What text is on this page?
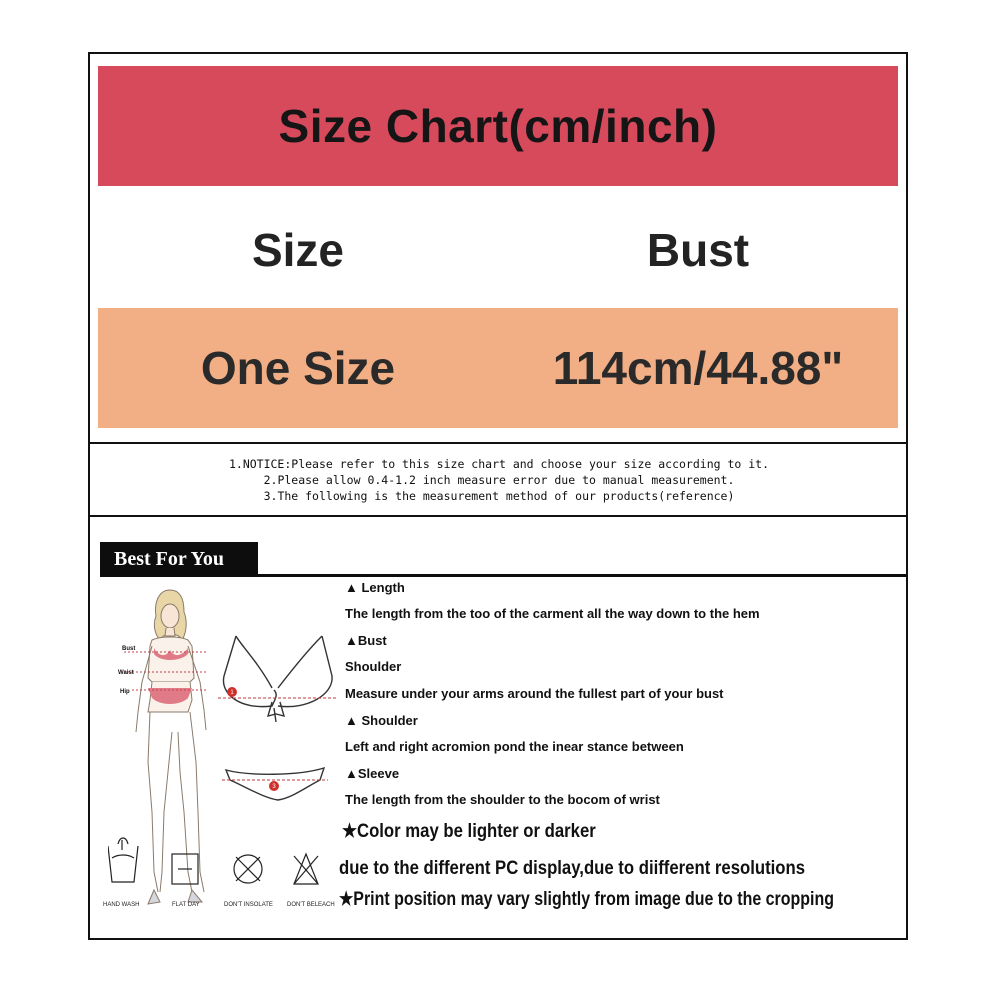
Size Chart(cm/inch)
Size	Bust
One Size	114cm/44.88"
1.NOTICE:Please refer to this size chart and choose your size according to it.
2.Please allow 0.4-1.2 inch measure error due to manual measurement.
3.The following is the measurement method of our products(reference)
Best For You
Bust
Waist
Hip	1
3
HAND WASH	FLAT DAY	DON'T INSOLATE DON'T BELEACH
▲ Length
The length from the too of the carment all the way down to the hem
▲Bust
Shoulder
Measure under your arms around the fullest part of your bust
▲ Shoulder
Left and right acromion pond the inear stance between
▲Sleeve
The length from the shoulder to the bocom of wrist
★Color may be lighter or darker
due to the different PC display,due to diifferent resolutions
★Print position may vary slightly from image due to the cropping
